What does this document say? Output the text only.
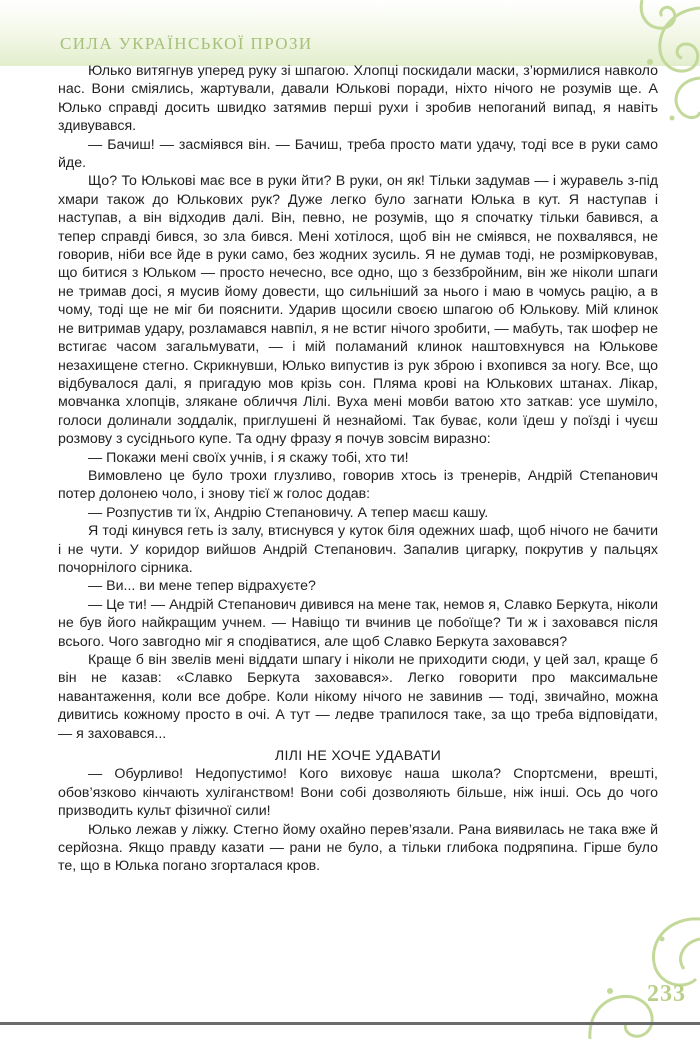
СИЛА УКРАЇНСЬКОЇ ПРОЗИ

Юлько витягнув уперед руку зі шпагою. Хлопці поскидали маски, з’юрмилися навколо нас. Вони сміялись, жартували, давали Юльковi поради, ніхто нічого не розумів ще. А Юлько справді досить швидко затямив перші рухи і зробив непоганий випад, я навіть здивувався.

— Бачиш! — засміявся він. — Бачиш, треба просто мати удачу, тоді все в руки само йде.

Що? То Юлькові має все в руки йти? В руки, он як! Тільки задумав — і журавель з-під хмари також до Юлькових рук? Дуже легко було загнати Юлька в кут. Я наступав і наступав, а він відходив далі. Він, певно, не розумів, що я спочатку тільки бавився, а тепер справді бився, зо зла бився. Мені хотілося, щоб він не сміявся, не похвалявся, не говорив, ніби все йде в руки само, без жодних зусиль. Я не думав тоді, не розмірковував, що битися з Юльком — просто нечесно, все одно, що з беззбройним, він же ніколи шпаги не тримав досі, я мусив йому довести, що сильніший за нього і маю в чомусь рацію, а в чому, тоді ще не міг би пояснити. Ударив щосили своєю шпагою об Юлькову. Мій клинок не витримав удару, розламався навпіл, я не встиг нічого зробити, — мабуть, так шофер не встигає часом загальмувати, — і мій поламаний клинок наштовхнувся на Юлькове незахищене стегно. Скрикнувши, Юлько випустив із рук зброю і вхопився за ногу. Все, що відбувалося далі, я пригадую мов крізь сон. Пляма крові на Юлькових штанах. Лікар, мовчанка хлопців, злякане обличчя Лілі. Вуха мені мовби ватою хто заткав: усе шуміло, голоси долинали зоддалік, приглушені й незнайомі. Так буває, коли їдеш у поїзді і чуєш розмову з сусіднього купе. Та одну фразу я почув зовсім виразно:

— Покажи мені своїх учнів, і я скажу тобі, хто ти!

Вимовлено це було трохи глузливо, говорив хтось із тренерів, Андрій Степанович потер долонею чоло, і знову тієї ж голос додав:

— Розпустив ти їх, Андрію Степановичу. А тепер маєш кашу.

Я тоді кинувся геть із залу, втиснувся у куток біля одежних шаф, щоб нічого не бачити і не чути. У коридор вийшов Андрій Степанович. Запалив цигарку, покрутив у пальцях почорнілого сірника.

— Ви... ви мене тепер відрахуєте?

— Це ти! — Андрій Степанович дивився на мене так, немов я, Славко Беркута, ніколи не був його найкращим учнем. — Навіщо ти вчинив це побоїще? Ти ж і заховався після всього. Чого завгодно міг я сподіватися, але щоб Славко Беркута заховався?

Краще б він звелів мені віддати шпагу і ніколи не приходити сюди, у цей зал, краще б він не казав: «Славко Беркута заховався». Легко говорити про максимальне навантаження, коли все добре. Коли нікому нічого не завинив — тоді, звичайно, можна дивитись кожному просто в очі. А тут — ледве трапилося таке, за що треба відповідати, — я заховався...

ЛІЛІ НЕ ХОЧЕ УДАВАТИ

— Обурливо! Недопустимо! Кого виховує наша школа? Спортсмени, врешті, обов’язково кінчають хуліганством! Вони собі дозволяють більше, ніж інші. Ось до чого призводить культ фізичної сили!

Юлько лежав у ліжку. Стегно йому охайно перев’язали. Рана виявилась не така вже й серйозна. Якщо правду казати — рани не було, а тільки глибока подряпина. Гірше було те, що в Юлька погано згорталася кров.

233
